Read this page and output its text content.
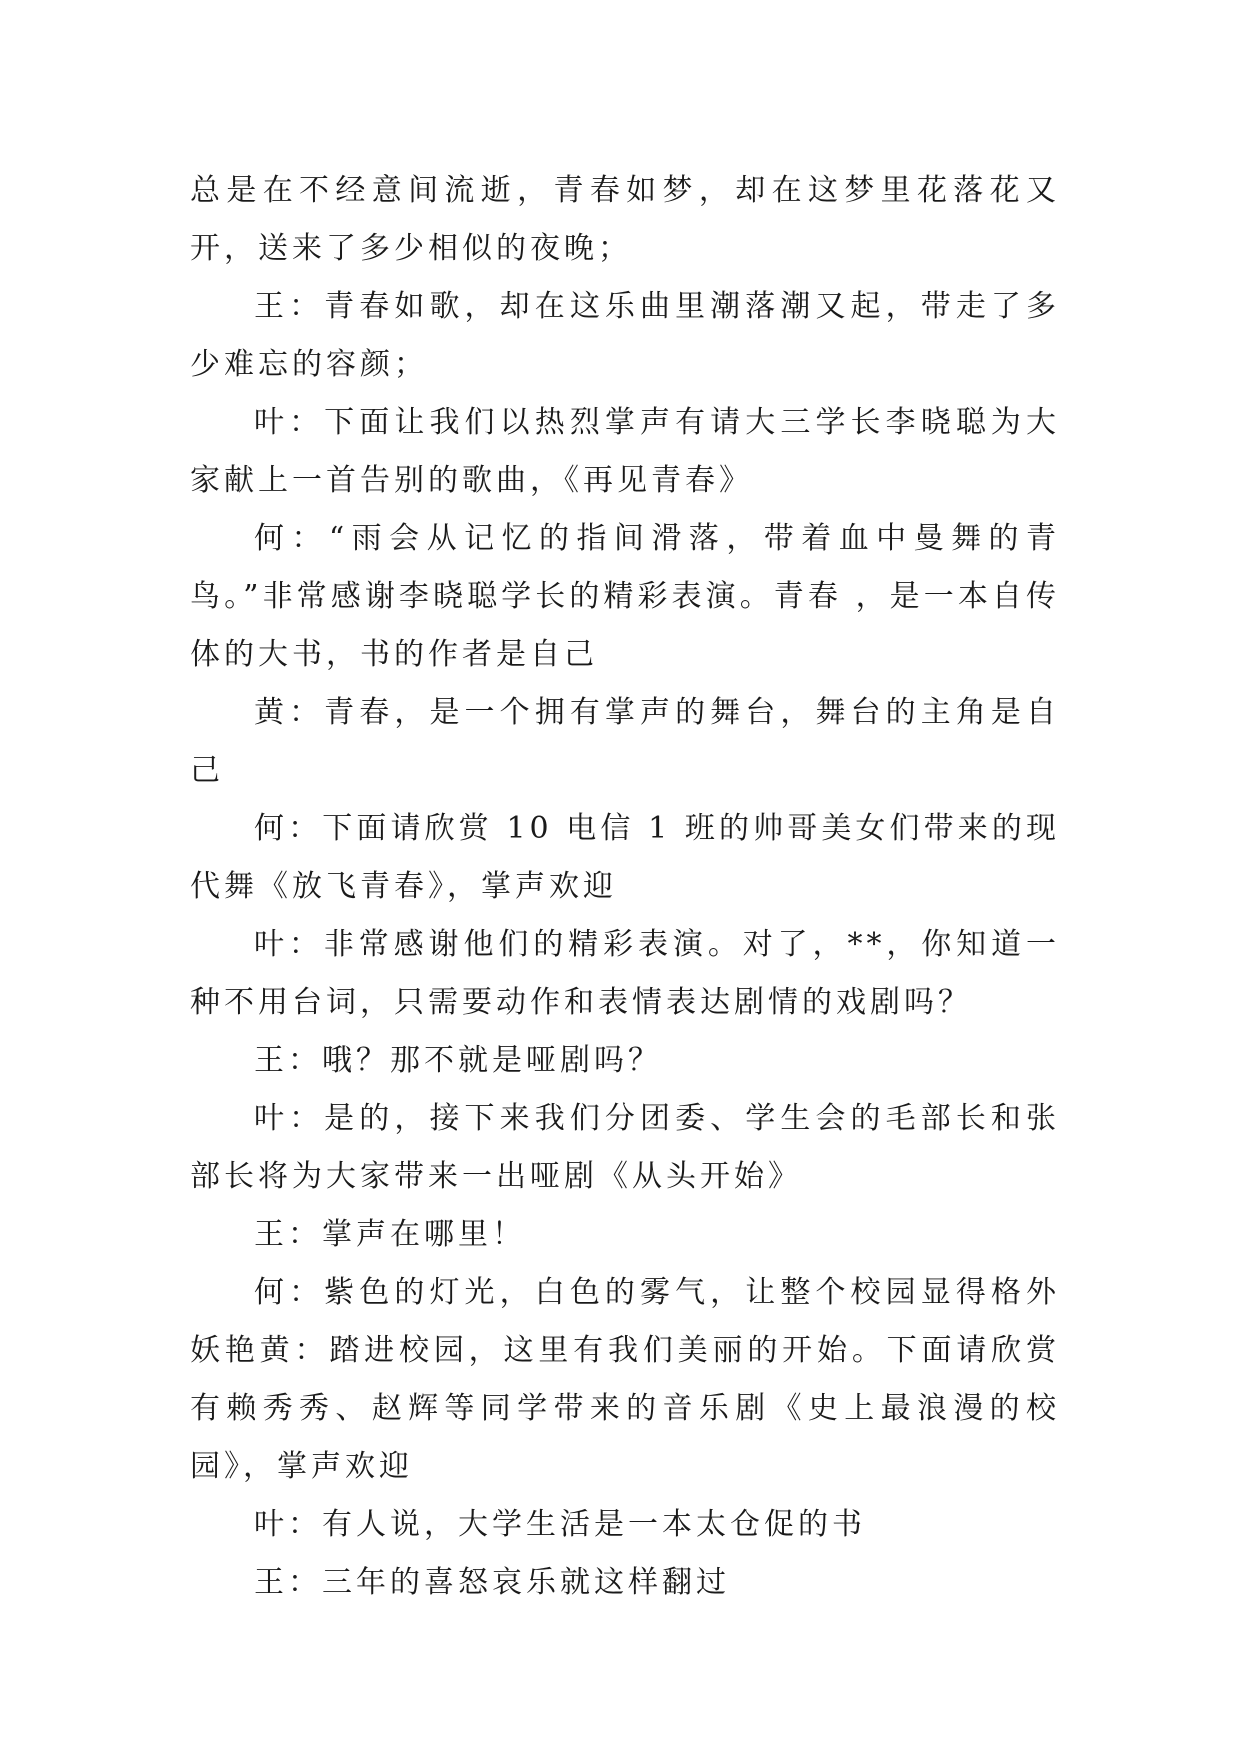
总是在不经意间流逝，青春如梦，却在这梦里花落花又开，送来了多少相似的夜晚；

王：青春如歌，却在这乐曲里潮落潮又起，带走了多少难忘的容颜；

叶：下面让我们以热烈掌声有请大三学长李晓聪为大家献上一首告别的歌曲，《再见青春》

何：“雨会从记忆的指间滑落，带着血中曼舞的青鸟。”非常感谢李晓聪学长的精彩表演。青春 ，是一本自传体的大书，书的作者是自己

黄：青春，是一个拥有掌声的舞台，舞台的主角是自己

何：下面请欣赏 10 电信 1 班的帅哥美女们带来的现代舞《放飞青春》，掌声欢迎

叶：非常感谢他们的精彩表演。对了，**，你知道一种不用台词，只需要动作和表情表达剧情的戏剧吗？

王：哦？那不就是哑剧吗？

叶：是的，接下来我们分团委、学生会的毛部长和张部长将为大家带来一出哑剧《从头开始》

王：掌声在哪里！

何：紫色的灯光，白色的雾气，让整个校园显得格外妖艳黄：踏进校园，这里有我们美丽的开始。下面请欣赏有赖秀秀、赵辉等同学带来的音乐剧《史上最浪漫的校园》，掌声欢迎

叶：有人说，大学生活是一本太仓促的书

王：三年的喜怒哀乐就这样翻过
